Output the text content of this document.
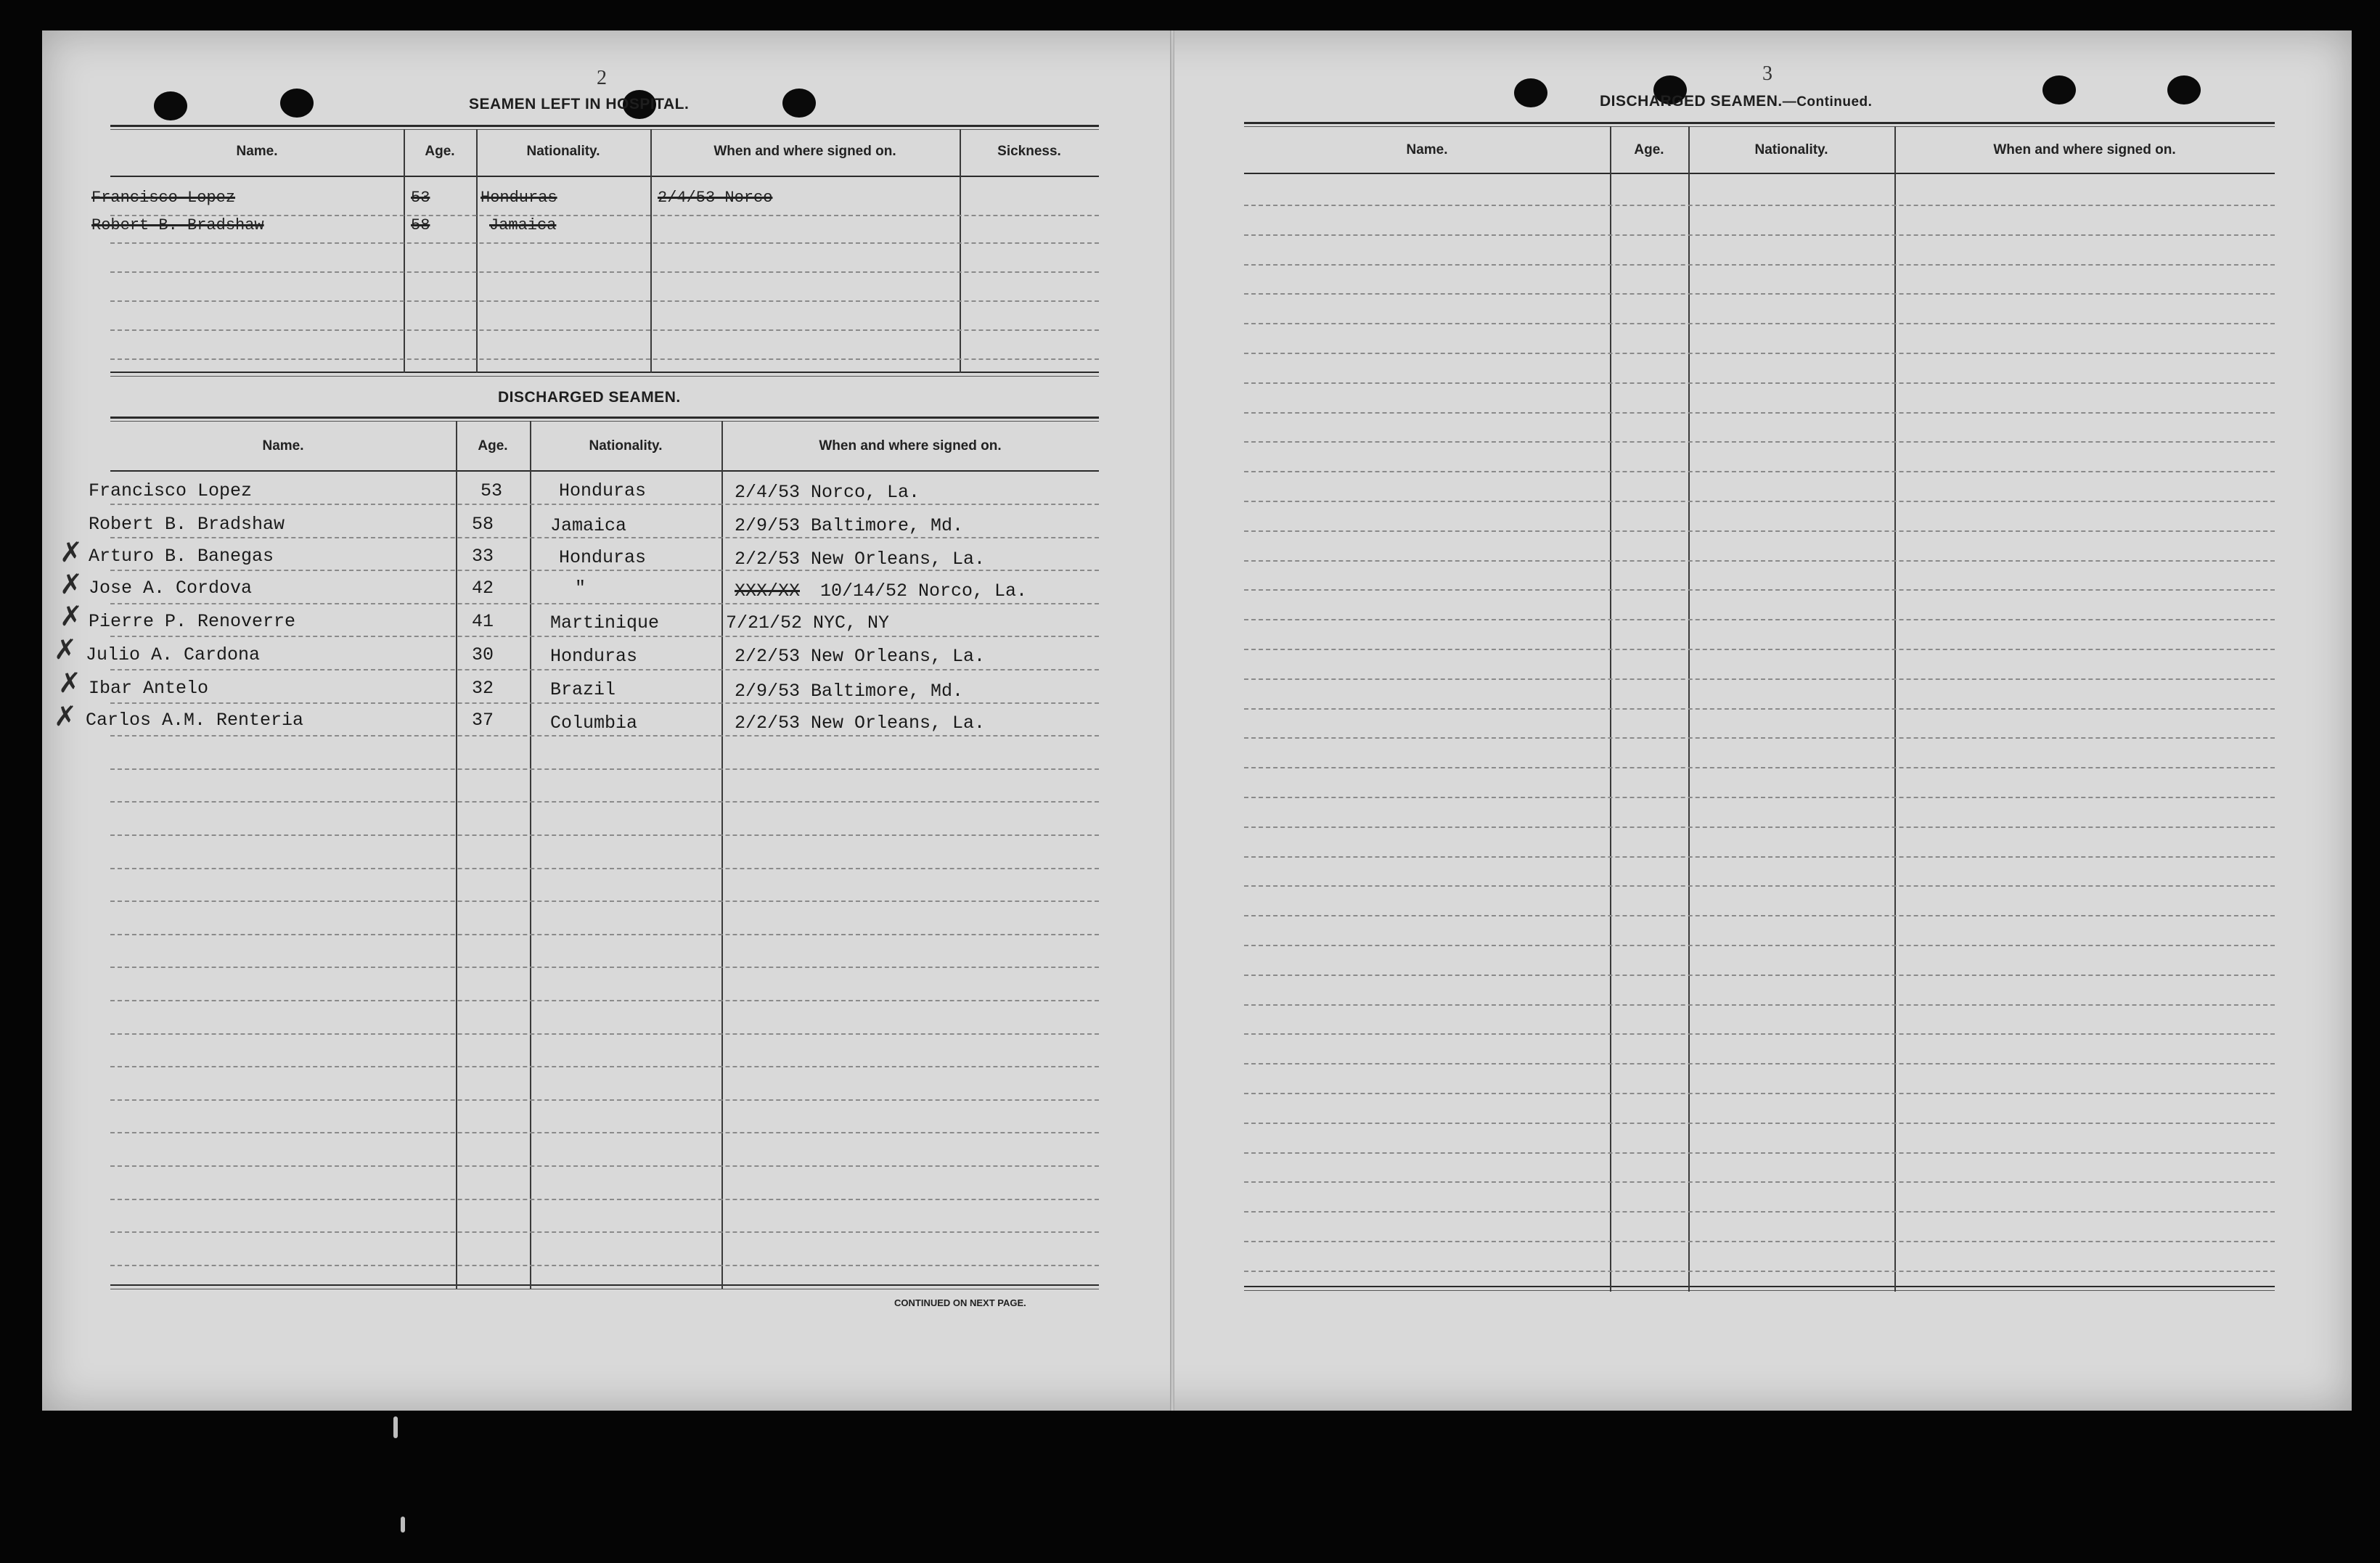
2
SEAMEN LEFT IN HOSPITAL.
Name.	Age.	Nationality.	When and where signed on.	Sickness.
Francisco Lopez	53	Honduras	2/4/53 Norco
Robert B. Bradshaw	58	Jamaica
DISCHARGED SEAMEN.
Name.	Age.	Nationality.	When and where signed on.
Francisco Lopez	53	Honduras	2/4/53 Norco, La.
Robert B. Bradshaw	58	Jamaica	2/9/53 Baltimore, Md.
✗ Arturo B. Banegas	33	Honduras	2/2/53 New Orleans, La.
✗ Jose A. Cordova	42	"	XXX/XX 10/14/52 Norco, La.
✗ Pierre P. Renoverre	41	Martinique	7/21/52 NYC, NY
✗ Julio A. Cardona	30	Honduras	2/2/53 New Orleans, La.
✗ Ibar Antelo	32	Brazil	2/9/53 Baltimore, Md.
✗ Carlos A.M. Renteria	37	Columbia	2/2/53 New Orleans, La.
CONTINUED ON NEXT PAGE.
3
DISCHARGED SEAMEN.—Continued.
Name.	Age.	Nationality.	When and where signed on.
